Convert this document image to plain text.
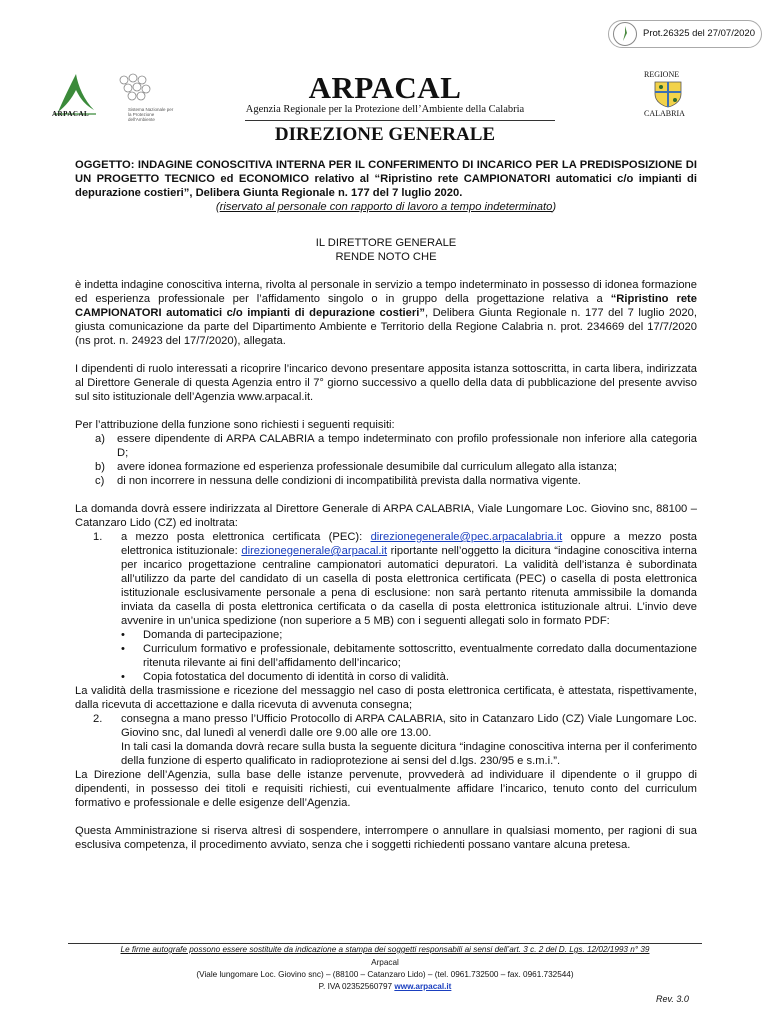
Prot.26325 del 27/07/2020
ARPACAL
Sistema Nazionale per la Protezione dell'Ambiente
ARPACAL
Agenzia Regionale per la Protezione dell’Ambiente della Calabria
REGIONE
CALABRIA
DIREZIONE GENERALE

OGGETTO: INDAGINE CONOSCITIVA INTERNA PER IL CONFERIMENTO DI INCARICO PER LA PREDISPOSIZIONE DI UN PROGETTO TECNICO ed ECONOMICO relativo al “Ripristino rete CAMPIONATORI automatici c/o impianti di depurazione costieri”, Delibera Giunta Regionale n. 177 del 7 luglio 2020.

(riservato al personale con rapporto di lavoro a tempo indeterminato)

IL DIRETTORE GENERALE

RENDE NOTO CHE

è indetta indagine conoscitiva interna, rivolta al personale in servizio a tempo indeterminato in possesso di idonea formazione ed esperienza professionale per l’affidamento singolo o in gruppo della progettazione relativa a “Ripristino rete CAMPIONATORI automatici c/o impianti di depurazione costieri”, Delibera Giunta Regionale n. 177 del 7 luglio 2020, giusta comunicazione da parte del Dipartimento Ambiente e Territorio della Regione Calabria n. prot. 234669 del 17/7/2020 (ns prot. n. 24923 del 17/7/2020), allegata.

I dipendenti di ruolo interessati a ricoprire l’incarico devono presentare apposita istanza sottoscritta, in carta libera, indirizzata al Direttore Generale di questa Agenzia entro il 7° giorno successivo a quello della data di pubblicazione del presente avviso sul sito istituzionale dell’Agenzia www.arpacal.it.

Per l’attribuzione della funzione sono richiesti i seguenti requisiti:

a)	essere dipendente di ARPA CALABRIA a tempo indeterminato con profilo professionale non inferiore alla categoria D;
b)	avere idonea formazione ed esperienza professionale desumibile dal curriculum allegato alla istanza;
c)	di non incorrere in nessuna delle condizioni di incompatibilità prevista dalla normativa vigente.

La domanda dovrà essere indirizzata al Direttore Generale di ARPA CALABRIA, Viale Lungomare Loc. Giovino snc, 88100 – Catanzaro Lido (CZ) ed inoltrata:

1.	a mezzo posta elettronica certificata (PEC): direzionegenerale@pec.arpacalabria.it oppure a mezzo posta elettronica istituzionale: direzionegenerale@arpacal.it riportante nell’oggetto la dicitura “indagine conoscitiva interna per incarico progettazione centraline campionatori automatici depuratori. La validità dell’istanza è subordinata all’utilizzo da parte del candidato di un casella di posta elettronica certificata (PEC) o casella di posta elettronica istituzionale esclusivamente personale a pena di esclusione: non sarà pertanto ritenuta ammissibile la domanda inviata da casella di posta elettronica certificata o da casella di posta elettronica istituzionale altrui. L’invio deve avvenire in un’unica spedizione (non superiore a 5 MB) con i seguenti allegati solo in formato PDF:
•	Domanda di partecipazione;
•	Curriculum formativo e professionale, debitamente sottoscritto, eventualmente corredato dalla documentazione ritenuta rilevante ai fini dell’affidamento dell’incarico;
•	Copia fotostatica del documento di identità in corso di validità.

La validità della trasmissione e ricezione del messaggio nel caso di posta elettronica certificata, è attestata, rispettivamente, dalla ricevuta di accettazione e dalla ricevuta di avvenuta consegna;

2.	consegna a mano presso l’Ufficio Protocollo di ARPA CALABRIA, sito in Catanzaro Lido (CZ) Viale Lungomare Loc. Giovino snc, dal lunedì al venerdì dalle ore 9.00 alle ore 13.00.
In tali casi la domanda dovrà recare sulla busta la seguente dicitura “indagine conoscitiva interna per il conferimento della funzione di esperto qualificato in radioprotezione ai sensi del d.lgs. 230/95 e s.m.i.”.

La Direzione dell’Agenzia, sulla base delle istanze pervenute, provvederà ad individuare il dipendente o il gruppo di dipendenti, in possesso dei titoli e requisiti richiesti, cui eventualmente affidare l’incarico, tenuto conto del curriculum formativo e professionale e delle esigenze dell’Agenzia.

Questa Amministrazione si riserva altresì di sospendere, interrompere o annullare in qualsiasi momento, per ragioni di sua esclusiva competenza, il procedimento avviato, senza che i soggetti richiedenti possano vantare alcuna pretesa.

Le firme autografe possono essere sostituite da indicazione a stampa dei soggetti responsabili ai sensi dell’art. 3 c. 2 del D. Lgs. 12/02/1993 n° 39
Arpacal
(Viale lungomare Loc. Giovino snc) – (88100 – Catanzaro Lido) – (tel. 0961.732500 – fax. 0961.732544)
P. IVA 02352560797 www.arpacal.it
Rev. 3.0
